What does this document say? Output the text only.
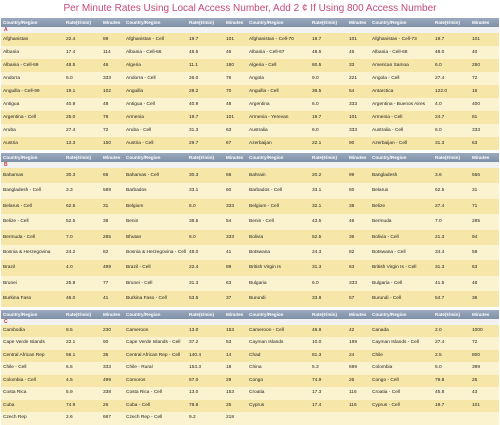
Per Minute Rates Using Local Access Number, Add 2 ¢ If Using 800 Access Number
Country/Region	Rate(¢/min)	Minutes	Country/Region	Rate(¢/min)	Minutes	Country/Region	Rate(¢/min)	Minutes	Country/Region	Rate(¢/min)	Minutes
A
Afghanistan	22.4	89	Afghanistan - Cell	19.7	101	Afghanistan - Cell-70	19.7	101	Afghanistan - Cell-73	19.7	101
Albania	17.4	114	Albania - Cell-66	48.5	46	Albania - Cell-67	48.5	46	Albania - Cell-68	48.0	40
Albania - Cell-69	48.5	46	Algeria	11.1	180	Algeria - Cell	60.5	33	American Samoa	6.0	250
Andorra	6.0	333	Andorra - Cell	26.0	76	Angola	9.0	221	Angola - Cell	27.4	72
Anguilla - Cell-99	19.1	102	Anguilla	28.2	70	Anguilla - Cell	36.5	54	Antarctica	122.0	16
Antigua	40.9	48	Antigua - Cell	40.9	48	Argentina	6.0	333	Argentina - Buenos Aires	4.0	400
Argentina - Cell	25.0	78	Armenia	19.7	101	Armenia - Yerevan	19.7	101	Armenia - Cell	24.7	81
Aruba	27.4	72	Aruba - Cell	31.3	63	Australia	6.0	333	Australia - Cell	6.0	333
Austria	13.3	150	Austria - Cell	29.7	67	Azerbaijan	22.1	90	Azerbaijan - Cell	31.3	63
Country/Region	Rate(¢/min)	Minutes	Country/Region	Rate(¢/min)	Minutes	Country/Region	Rate(¢/min)	Minutes	Country/Region	Rate(¢/min)	Minutes
B
Bahamas	30.3	66	Bahamas - Cell	30.3	66	Bahrain	20.2	99	Bangladesh	3.6	556
Bangladesh - Cell	3.3	589	Barbados	33.1	60	Barbados - Cell	33.1	60	Belarus	62.5	31
Belarus - Cell	62.5	31	Belgium	6.0	333	Belgium - Cell	32.1	38	Belize	27.4	71
Belize - Cell	52.5	38	Benin	38.5	54	Benin - Cell	43.5	46	Bermuda	7.0	285
Bermuda - Cell	7.0	285	Bhutan	6.0	333	Bolivia	52.5	36	Bolivia - Cell	21.3	94
Bosnia & Herzegovina	24.2	82	Bosnia & Herzegovina - Cell 48.0	41	Botswana	24.3	82	Botswana - Cell	34.4	58
Brazil	4.0	499	Brazil - Cell	22.4	89	British Virgin Is	31.3	63	British Virgin Is - Cell	31.3	63
Brunei	25.9	77	Brunei - Cell	31.3	63	Bulgaria	6.0	333	Bulgaria - Cell	41.5	48
Burkina Faso	46.0	41	Burkina Faso - Cell	53.5	37	Burundi	33.8	57	Burundi - Cell	54.7	36
Country/Region	Rate(¢/min)	Minutes	Country/Region	Rate(¢/min)	Minutes	Country/Region	Rate(¢/min)	Minutes	Country/Region	Rate(¢/min)	Minutes
C
Cambodia	8.5	230	Cameroon	13.0	153	Cameroon - Cell	46.8	42	Canada	2.0	1000
Cape Verde Islands	22.1	90	Cape Verde Islands - Cell	37.2	53	Cayman Islands	10.0	199	Cayman Islands - Cell	27.4	72
Central African Rep	56.1	35	Central African Rep - Cell	140.4	14	Chad	81.3	24	Chile	2.5	800
Chile - Cell	6.5	333	Chile - Rural	153.3	18	China	5.3	699	Colombia	5.0	399
Colombia - Cell	4.5	499	Comoros	67.0	29	Congo	74.9	26	Congo - Cell	79.8	25
Costa Rica	5.9	338	Costa Rica - Cell	13.0	153	Croatia	17.3	116	Croatia - Cell	45.8	43
Cuba	74.9	26	Cuba - Cell	78.8	25	Cyprus	17.4	116	Cyprus - Cell	19.7	101
Czech Rep	2.6	667	Czech Rep - Cell	9.2	218
